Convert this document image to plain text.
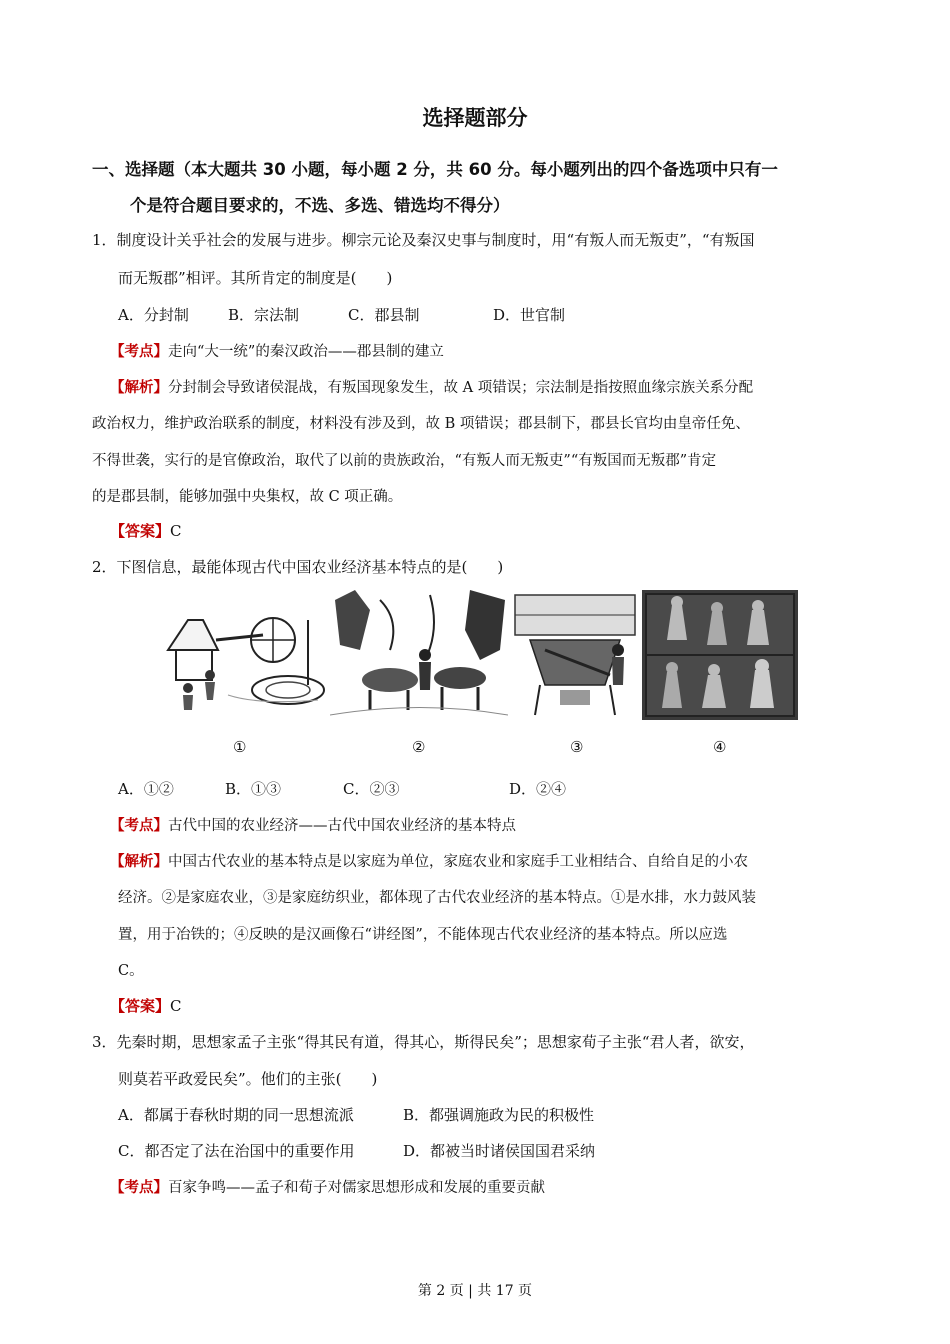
选择题部分
一、选择题（本大题共 30 小题，每小题 2 分，共 60 分。每小题列出的四个备选项中只有一
个是符合题目要求的，不选、多选、错选均不得分）
1．制度设计关乎社会的发展与进步。柳宗元论及秦汉史事与制度时，用“有叛人而无叛吏”，“有叛国
而无叛郡”相评。其所肯定的制度是(　　)
A．分封制	B．宗法制	C．郡县制	D．世官制
【考点】走向“大一统”的秦汉政治——郡县制的建立
【解析】分封制会导致诸侯混战，有叛国现象发生，故 A 项错误；宗法制是指按照血缘宗族关系分配
政治权力，维护政治联系的制度，材料没有涉及到，故 B 项错误；郡县制下，郡县长官均由皇帝任免、
不得世袭，实行的是官僚政治，取代了以前的贵族政治，“有叛人而无叛吏”“有叛国而无叛郡”肯定
的是郡县制，能够加强中央集权，故 C 项正确。
【答案】C
2．下图信息，最能体现古代中国农业经济基本特点的是(　　)
①	②	③	④
A．①②	B．①③	C．②③	D．②④
【考点】古代中国的农业经济——古代中国农业经济的基本特点
【解析】中国古代农业的基本特点是以家庭为单位，家庭农业和家庭手工业相结合、自给自足的小农
经济。②是家庭农业，③是家庭纺织业，都体现了古代农业经济的基本特点。①是水排，水力鼓风装
置，用于冶铁的；④反映的是汉画像石“讲经图”，不能体现古代农业经济的基本特点。所以应选
C。
【答案】C
3．先秦时期，思想家孟子主张“得其民有道，得其心，斯得民矣”；思想家荀子主张“君人者，欲安，
则莫若平政爱民矣”。他们的主张(　　)
A．都属于春秋时期的同一思想流派	B．都强调施政为民的积极性
C．都否定了法在治国中的重要作用	D．都被当时诸侯国国君采纳
【考点】百家争鸣——孟子和荀子对儒家思想形成和发展的重要贡献
第 2 页 | 共 17 页
